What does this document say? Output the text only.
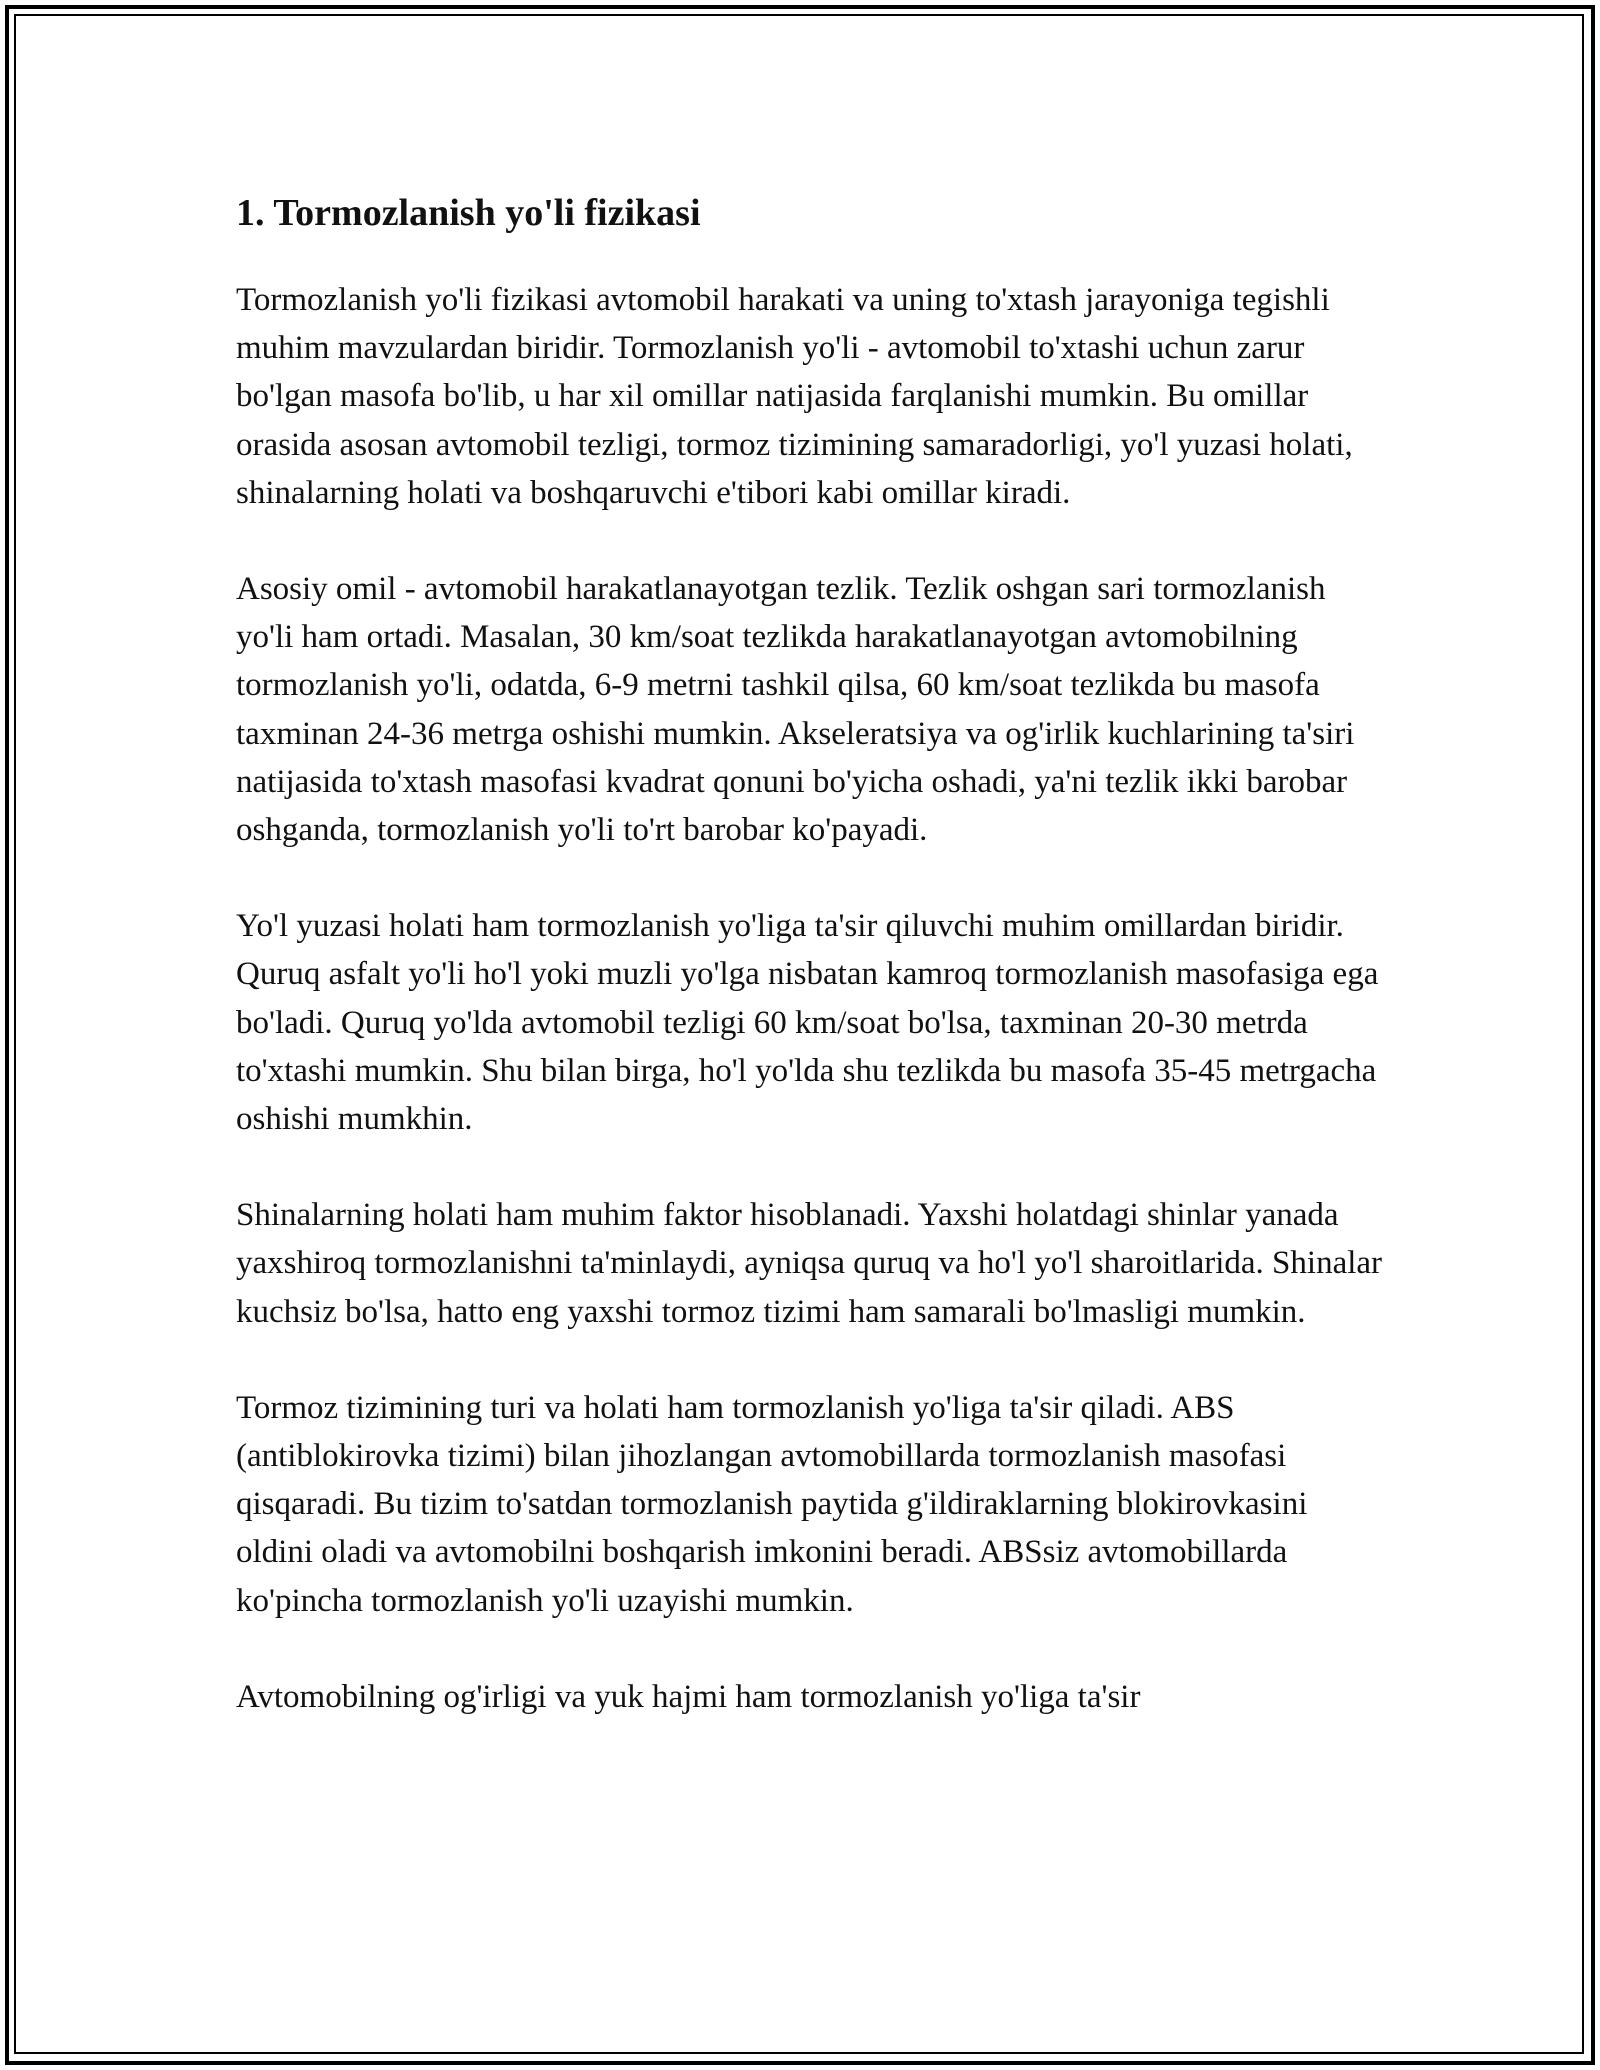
1. Tormozlanish yo'li fizikasi

Tormozlanish yo'li fizikasi avtomobil harakati va uning to'xtash jarayoniga tegishli muhim mavzulardan biridir. Tormozlanish yo'li - avtomobil to'xtashi uchun zarur bo'lgan masofa bo'lib, u har xil omillar natijasida farqlanishi mumkin. Bu omillar orasida asosan avtomobil tezligi, tormoz tizimining samaradorligi, yo'l yuzasi holati, shinalarning holati va boshqaruvchi e'tibori kabi omillar kiradi.

Asosiy omil - avtomobil harakatlanayotgan tezlik. Tezlik oshgan sari tormozlanish yo'li ham ortadi. Masalan, 30 km/soat tezlikda harakatlanayotgan avtomobilning tormozlanish yo'li, odatda, 6-9 metrni tashkil qilsa, 60 km/soat tezlikda bu masofa taxminan 24-36 metrga oshishi mumkin. Akseleratsiya va og'irlik kuchlarining ta'siri natijasida to'xtash masofasi kvadrat qonuni bo'yicha oshadi, ya'ni tezlik ikki barobar oshganda, tormozlanish yo'li to'rt barobar ko'payadi.

Yo'l yuzasi holati ham tormozlanish yo'liga ta'sir qiluvchi muhim omillardan biridir. Quruq asfalt yo'li ho'l yoki muzli yo'lga nisbatan kamroq tormozlanish masofasiga ega bo'ladi. Quruq yo'lda avtomobil tezligi 60 km/soat bo'lsa, taxminan 20-30 metrda to'xtashi mumkin. Shu bilan birga, ho'l yo'lda shu tezlikda bu masofa 35-45 metrgacha oshishi mumkhin.

Shinalarning holati ham muhim faktor hisoblanadi. Yaxshi holatdagi shinlar yanada yaxshiroq tormozlanishni ta'minlaydi, ayniqsa quruq va ho'l yo'l sharoitlarida. Shinalar kuchsiz bo'lsa, hatto eng yaxshi tormoz tizimi ham samarali bo'lmasligi mumkin.

Tormoz tizimining turi va holati ham tormozlanish yo'liga ta'sir qiladi. ABS (antiblokirovka tizimi) bilan jihozlangan avtomobillarda tormozlanish masofasi qisqaradi. Bu tizim to'satdan tormozlanish paytida g'ildiraklarning blokirovkasini oldini oladi va avtomobilni boshqarish imkonini beradi. ABSsiz avtomobillarda ko'pincha tormozlanish yo'li uzayishi mumkin.

Avtomobilning og'irligi va yuk hajmi ham tormozlanish yo'liga ta'sir
